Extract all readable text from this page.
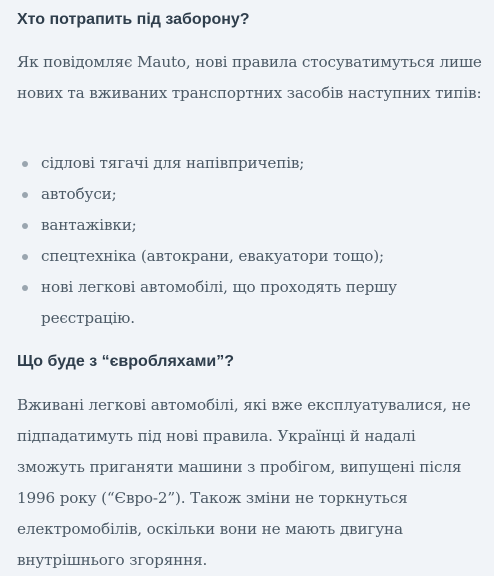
Хто потрапить під заборону?

Як повідомляє Mauto, нові правила стосуватимуться лише нових та вживаних транспортних засобів наступних типів:

сідлові тягачі для напівпричепів;
автобуси;
вантажівки;
спецтехніка (автокрани, евакуатори тощо);
нові легкові автомобілі, що проходять першу реєстрацію.
Що буде з “євробляхами”?

Вживані легкові автомобілі, які вже експлуатувалися, не підпадатимуть під нові правила. Українці й надалі зможуть приганяти машини з пробігом, випущені після 1996 року (“Євро-2”). Також зміни не торкнуться електромобілів, оскільки вони не мають двигуна внутрішнього згоряння.
